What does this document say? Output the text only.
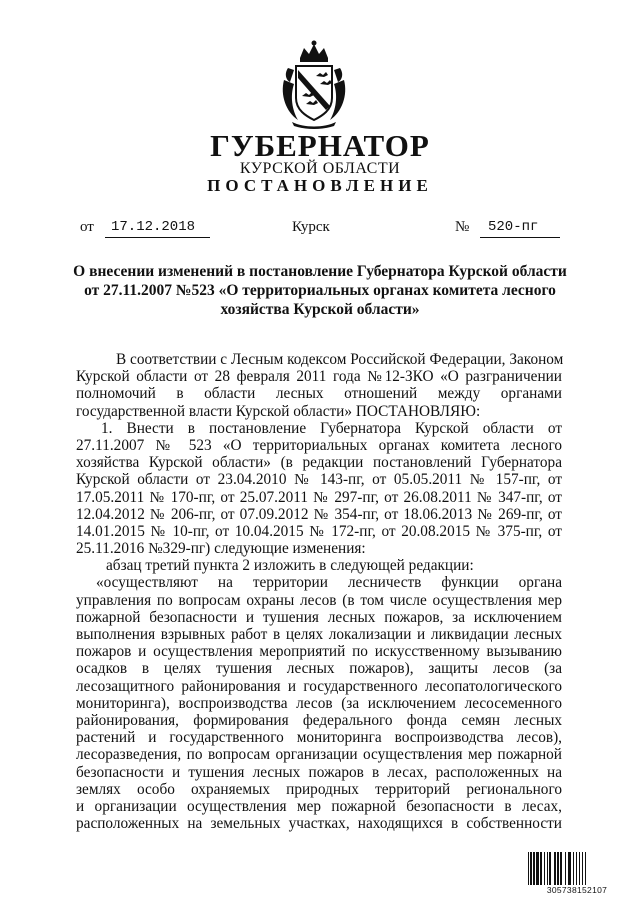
ГУБЕРНАТОР
КУРСКОЙ ОБЛАСТИ
ПОСТАНОВЛЕНИЕ
от	17.12.2018	Курск	№	520-пг
О внесении изменений в постановление Губернатора Курской области
от 27.11.2007 №523 «О территориальных органах комитета лесного
хозяйства Курской области»
В соответствии с Лесным кодексом Российской Федерации, Законом
Курской области от 28 февраля 2011 года №12-ЗКО «О разграничении
полномочий в области лесных отношений между органами
государственной власти Курской области» ПОСТАНОВЛЯЮ:
1. Внести в постановление Губернатора Курской области от
27.11.2007 № 523 «О территориальных органах комитета лесного
хозяйства Курской области» (в редакции постановлений Губернатора
Курской области от 23.04.2010 № 143-пг, от 05.05.2011 № 157-пг, от
17.05.2011 № 170-пг, от 25.07.2011 № 297-пг, от 26.08.2011 № 347-пг, от
12.04.2012 № 206-пг, от 07.09.2012 № 354-пг, от 18.06.2013 № 269-пг, от
14.01.2015 № 10-пг, от 10.04.2015 № 172-пг, от 20.08.2015 № 375-пг, от
25.11.2016 №329-пг) следующие изменения:
абзац третий пункта 2 изложить в следующей редакции:
«осуществляют на территории лесничеств функции органа
управления по вопросам охраны лесов (в том числе осуществления мер
пожарной безопасности и тушения лесных пожаров, за исключением
выполнения взрывных работ в целях локализации и ликвидации лесных
пожаров и осуществления мероприятий по искусственному вызыванию
осадков в целях тушения лесных пожаров), защиты лесов (за
лесозащитного районирования и государственного лесопатологического
мониторинга), воспроизводства лесов (за исключением лесосеменного
районирования, формирования федерального фонда семян лесных
растений и государственного мониторинга воспроизводства лесов),
лесоразведения, по вопросам организации осуществления мер пожарной
безопасности и тушения лесных пожаров в лесах, расположенных на
землях особо охраняемых природных территорий регионального
и организации осуществления мер пожарной безопасности в лесах,
расположенных на земельных участках, находящихся в собственности
305738152107
